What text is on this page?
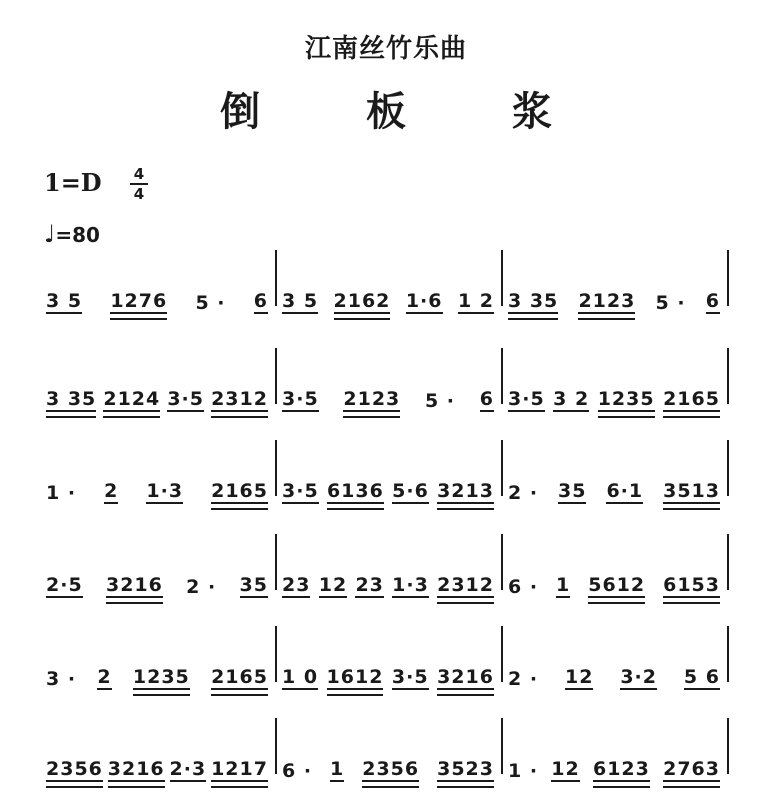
江南丝竹乐曲
倒 板 浆
1=D	4
4
♩=80
3 5 1276 5 · 6 3 5 2162 1·6 1 2 3 35 2123 5 · 6
3 35 2124 3·5 2312 3·5 2123 5 · 6 3·5 3 2 1235 2165
1 · 2 1·3 2165 3·5 6136 5·6 3213 2 · 35 6·1 3513
2·5 3216 2 · 35 23 12 23 1·3 2312 6 · 1 5612 6153
3 · 2 1235 2165 1 0 1612 3·5 3216 2 · 12 3·2 5 6
2356 3216 2·3 1217 6 · 1 2356 3523 1 · 12 6123 2763
